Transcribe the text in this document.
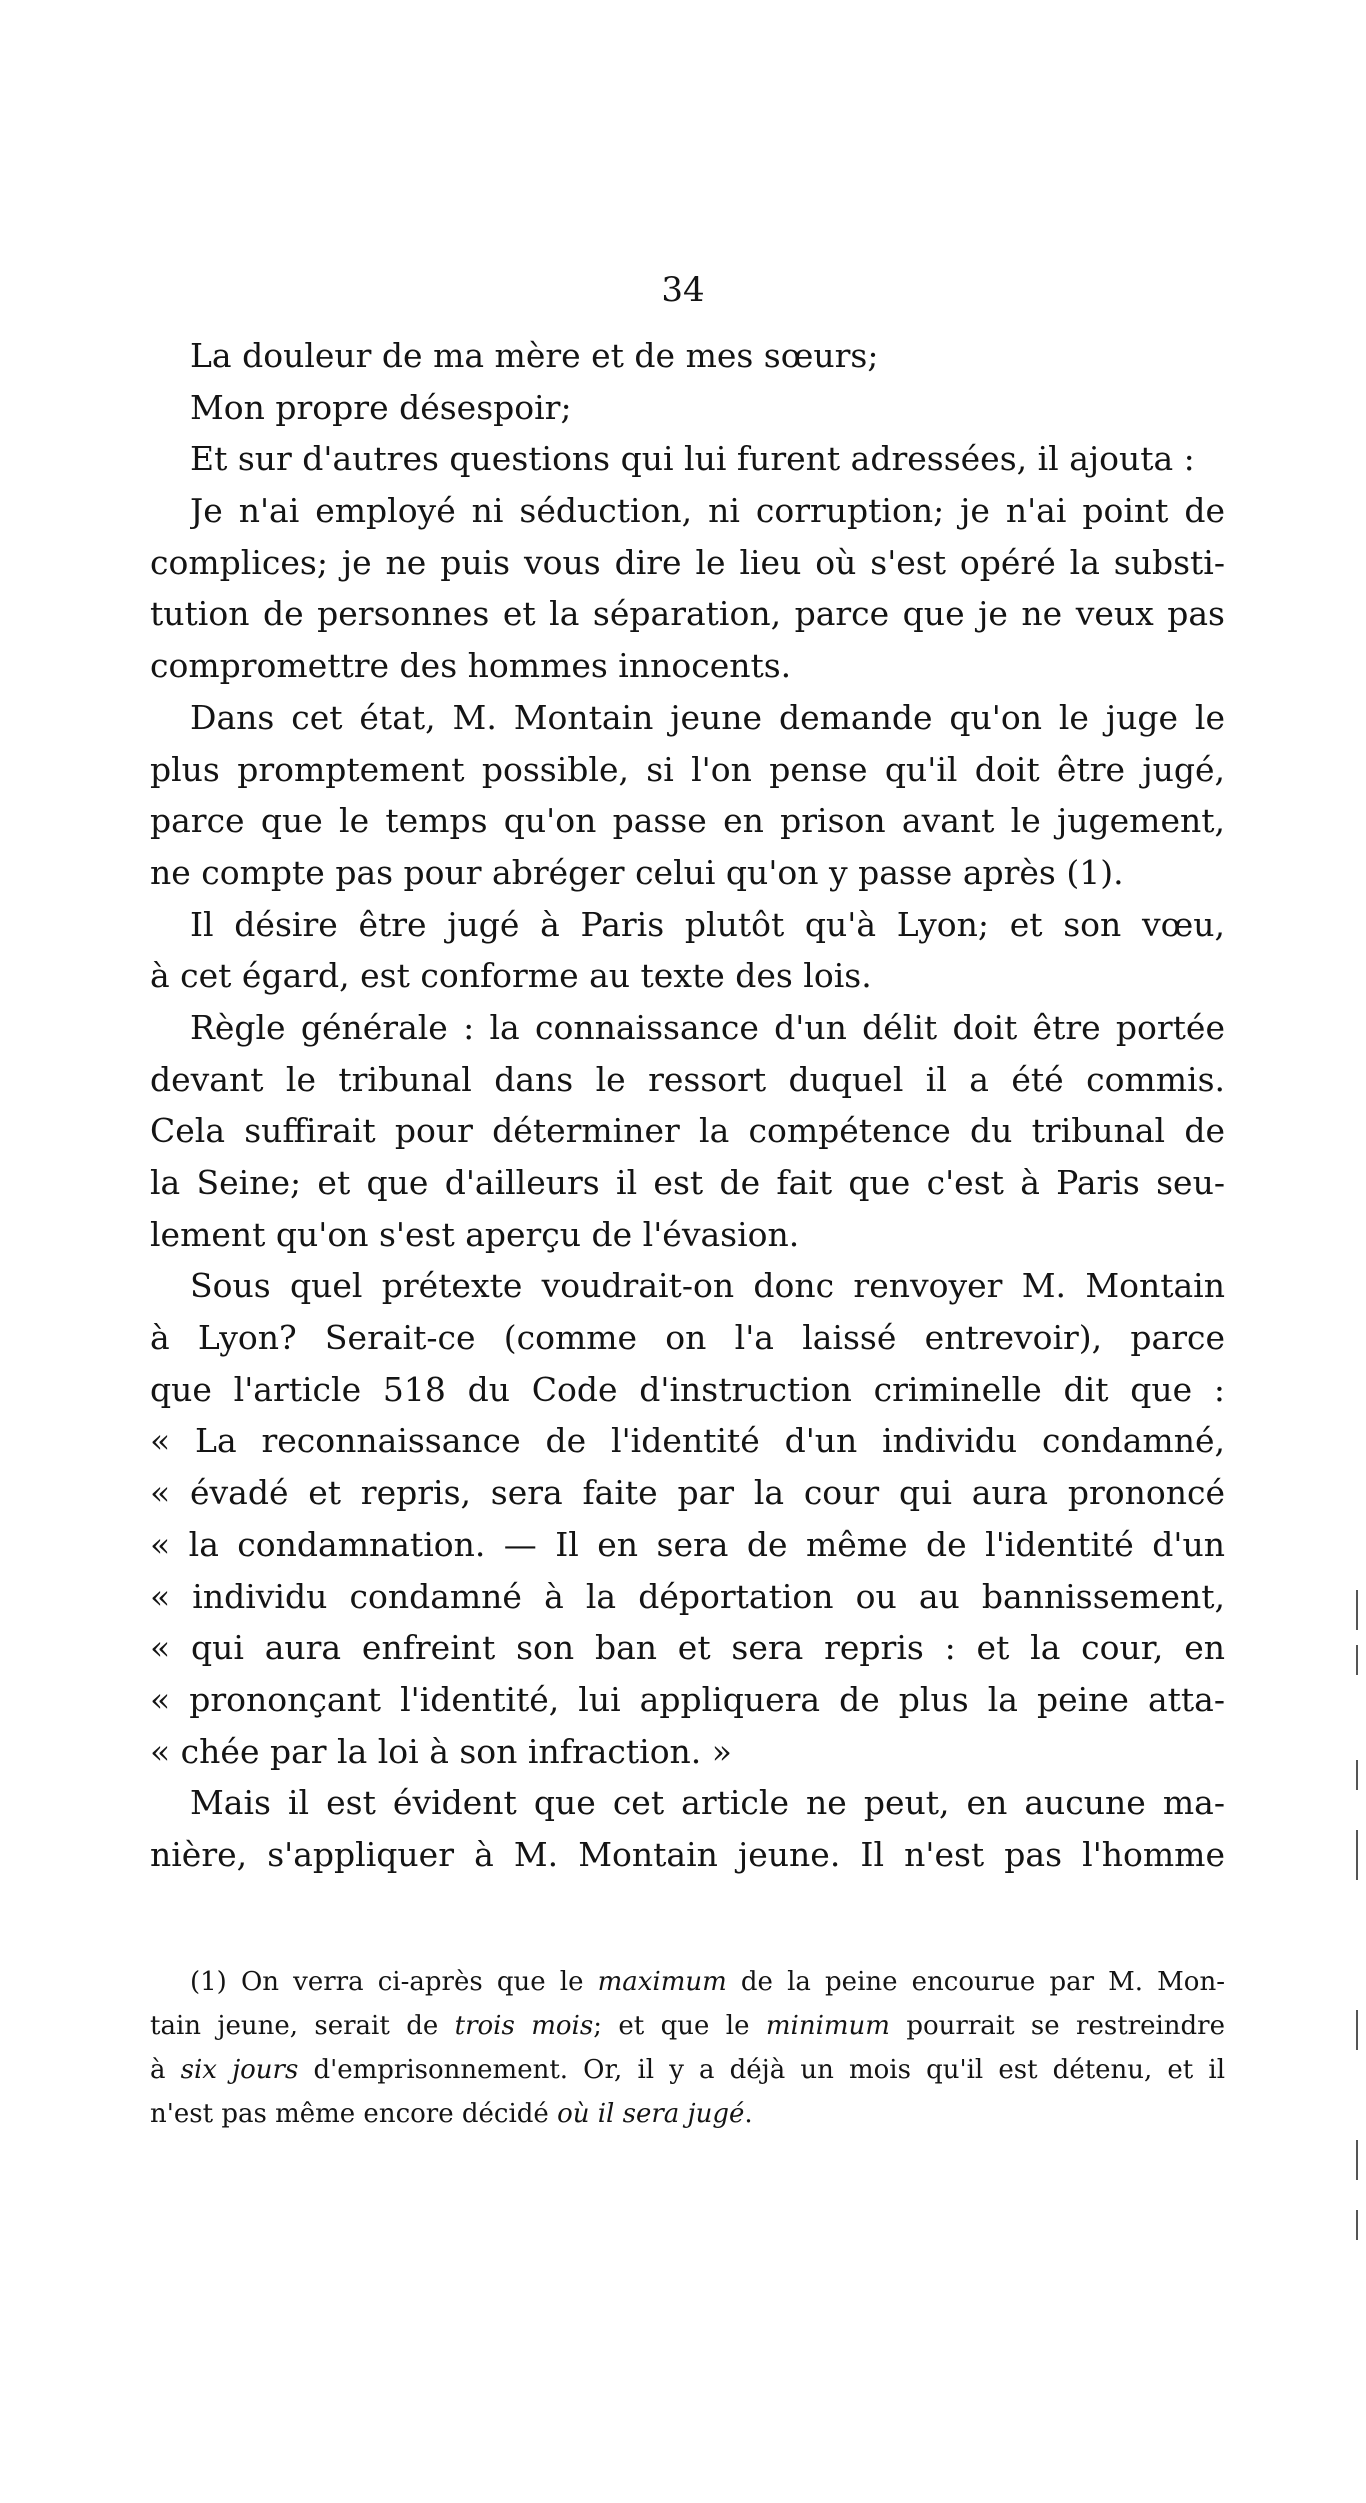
34
La douleur de ma mère et de mes sœurs;
Mon propre désespoir;
Et sur d'autres questions qui lui furent adressées, il ajouta :
Je n'ai employé ni séduction, ni corruption; je n'ai point de
complices; je ne puis vous dire le lieu où s'est opéré la substi-
tution de personnes et la séparation, parce que je ne veux pas
compromettre des hommes innocents.
Dans cet état, M. Montain jeune demande qu'on le juge le
plus promptement possible, si l'on pense qu'il doit être jugé,
parce que le temps qu'on passe en prison avant le jugement,
ne compte pas pour abréger celui qu'on y passe après (1).
Il désire être jugé à Paris plutôt qu'à Lyon; et son vœu,
à cet égard, est conforme au texte des lois.
Règle générale : la connaissance d'un délit doit être portée
devant le tribunal dans le ressort duquel il a été commis.
Cela suffirait pour déterminer la compétence du tribunal de
la Seine; et que d'ailleurs il est de fait que c'est à Paris seu-
lement qu'on s'est aperçu de l'évasion.
Sous quel prétexte voudrait-on donc renvoyer M. Montain
à Lyon? Serait-ce (comme on l'a laissé entrevoir), parce
que l'article 518 du Code d'instruction criminelle dit que :
« La reconnaissance de l'identité d'un individu condamné,
« évadé et repris, sera faite par la cour qui aura prononcé
« la condamnation. — Il en sera de même de l'identité d'un
« individu condamné à la déportation ou au bannissement,
« qui aura enfreint son ban et sera repris : et la cour, en
« prononçant l'identité, lui appliquera de plus la peine atta-
« chée par la loi à son infraction. »
Mais il est évident que cet article ne peut, en aucune ma-
nière, s'appliquer à M. Montain jeune. Il n'est pas l'homme
(1) On verra ci-après que le maximum de la peine encourue par M. Mon-
tain jeune, serait de trois mois; et que le minimum pourrait se restreindre
à six jours d'emprisonnement. Or, il y a déjà un mois qu'il est détenu, et il
n'est pas même encore décidé où il sera jugé.
